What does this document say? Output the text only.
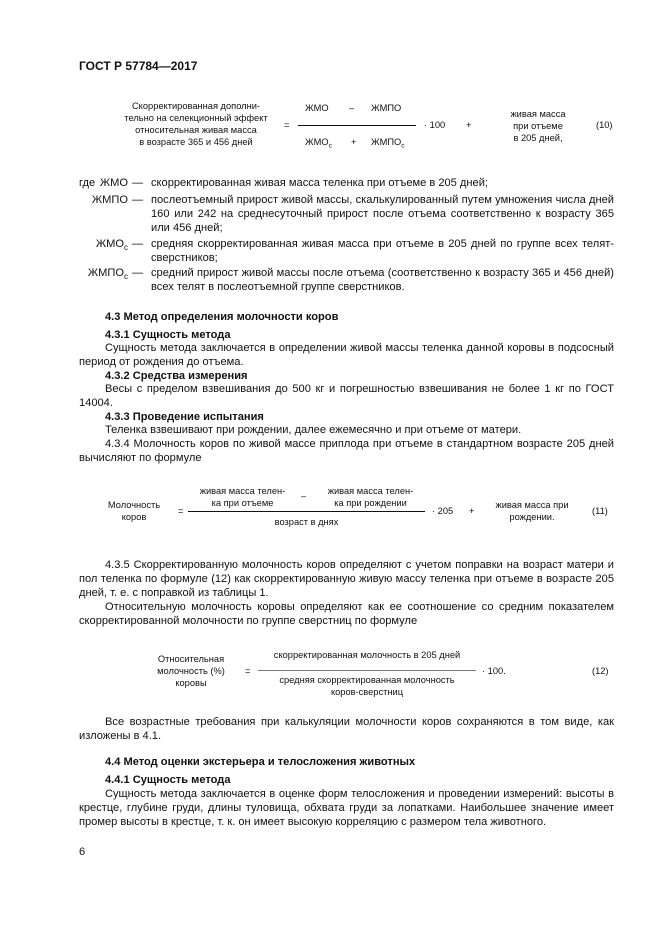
ГОСТ Р 57784—2017
Скорректированная дополни-
тельно на селекционный эффект
относительная живая масса
в возрасте 365 и 456 дней
=
ЖМО – ЖМПО
$ЖМО_с$ + $ЖМПО_с$
· 100 +
живая масса
при отъеме
в 205 дней,
(10)
где ЖМО — скорректированная живая масса теленка при отъеме в 205 дней;
ЖМПО — послеотъемный прирост живой массы, скалькулированный путем умножения числа дней 160 или 242 на среднесуточный прирост после отъема соответственно к возрасту 365 или 456 дней;
$ЖМО_с$ — средняя скорректированная живая масса при отъеме в 205 дней по группе всех телят-сверстников;
$ЖМПО_с$ — средний прирост живой массы после отъема (соответственно к возрасту 365 и 456 дней) всех телят в послеотъемной группе сверстников.
4.3 Метод определения молочности коров
4.3.1 Сущность метода
Сущность метода заключается в определении живой массы теленка данной коровы в подсосный период от рождения до отъема.
4.3.2 Средства измерения
Весы с пределом взвешивания до 500 кг и погрешностью взвешивания не более 1 кг по ГОСТ 14004.
4.3.3 Проведение испытания
Теленка взвешивают при рождении, далее ежемесячно и при отъеме от матери.
4.3.4 Молочность коров по живой массе приплода при отъеме в стандартном возрасте 205 дней вычисляют по формуле
Молочность
коров
=
живая масса телен-
ка при отъеме
–	живая масса телен-
ка при рождении
возраст в днях
· 205 +
живая масса при
рождении.
(11)
4.3.5 Скорректированную молочность коров определяют с учетом поправки на возраст матери и пол теленка по формуле (12) как скорректированную живую массу теленка при отъеме в возрасте 205 дней, т. е. с поправкой из таблицы 1.
Относительную молочность коровы определяют как ее соотношение со средним показателем скорректированной молочности по группе сверстниц по формуле
Относительная
молочность (%)
коровы
=
скорректированная молочность в 205 дней
средняя скорректированная молочность
коров-сверстниц
· 100.	(12)
Все возрастные требования при калькуляции молочности коров сохраняются в том виде, как изложены в 4.1.
4.4 Метод оценки экстерьера и телосложения животных
4.4.1 Сущность метода
Сущность метода заключается в оценке форм телосложения и проведении измерений: высоты в крестце, глубине груди, длины туловища, обхвата груди за лопатками. Наибольшее значение имеет промер высоты в крестце, т. к. он имеет высокую корреляцию с размером тела животного.
6
